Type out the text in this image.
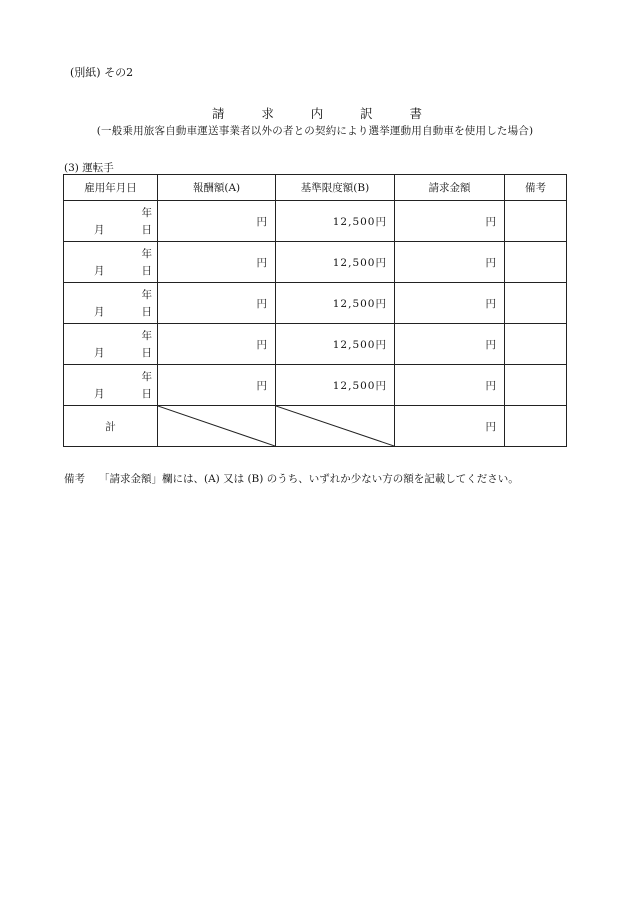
(別紙) その2
請	求	内	訳	書
(一般乗用旅客自動車運送事業者以外の者との契約により選挙運動用自動車を使用した場合)
(3) 運転手
雇用年月日	報酬額(A)	基準限度額(B)	請求金額	備考

年
月 日	円	12,500円	円	

年
月 日	円	12,500円	円	

年
月 日	円	12,500円	円	

年
月 日	円	12,500円	円	

年
月 日	円	12,500円	円	
計			円	
備考 「請求金額」欄には、(A) 又は (B) のうち、いずれか少ない方の額を記載してください。
